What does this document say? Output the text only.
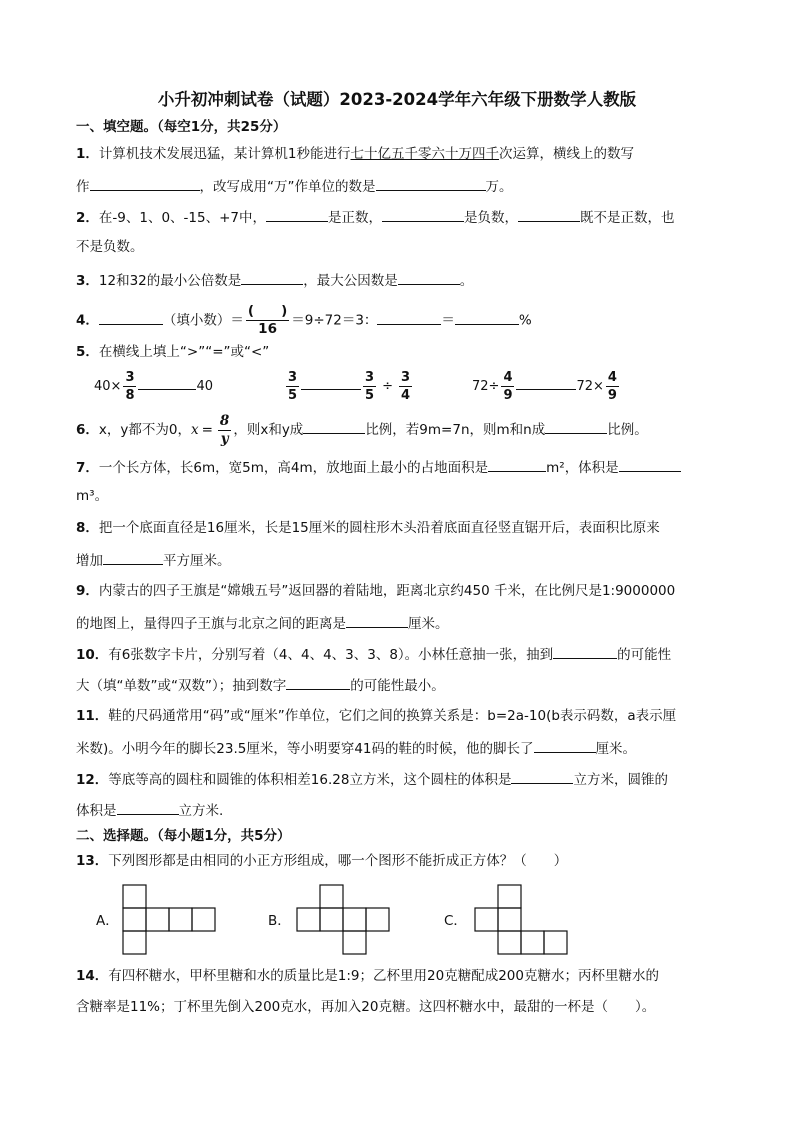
小升初冲刺试卷（试题）2023-2024学年六年级下册数学人教版
一、填空题。（每空1分，共25分）
1．计算机技术发展迅猛，某计算机1秒能进行七十亿五千零六十万四千次运算，横线上的数写
作	，改写成用“万”作单位的数是	万。
2．在-9、1、0、-15、+7中，	是正数，	是负数，	既不是正数，也
不是负数。
3．12和32的最小公倍数是	，最大公因数是	。
4．	（填小数）＝ $\frac{( )}{16} =9\div 72=3$：	＝	%
5．在横线上填上“>”“=”或“<”
$40\times \frac{3}{8}$	40	$\frac{3}{5}$	$\frac{3}{5} \div \frac{3}{4}$	$72\div \frac{4}{9}$	$72\times \frac{4}{9}$
6．x，y都不为0，$x = \frac{8}{y}$ ，则x和y成	比例，若9m=7n，则m和n成	比例。
7．一个长方体，长6m，宽5m，高4m，放地面上最小的占地面积是	m²，体积是
m³。
8．把一个底面直径是16厘米，长是15厘米的圆柱形木头沿着底面直径竖直锯开后，表面积比原来
增加	平方厘米。
9．内蒙古的四子王旗是“嫦娥五号”返回器的着陆地，距离北京约450 千米，在比例尺是1:9000000
的地图上，量得四子王旗与北京之间的距离是	厘米。
10．有6张数字卡片，分别写着（4、4、4、3、3、8）。小林任意抽一张，抽到	的可能性
大（填“单数”或“双数”）；抽到数字	的可能性最小。
11．鞋的尺码通常用“码”或“厘米”作单位，它们之间的换算关系是：b=2a-10(b表示码数，a表示厘
米数)。小明今年的脚长23.5厘米，等小明要穿41码的鞋的时候，他的脚长了	厘米。
12．等底等高的圆柱和圆锥的体积相差16.28立方米，这个圆柱的体积是	立方米，圆锥的
体积是	立方米.
二、选择题。（每小题1分，共5分）
13．下列图形都是由相同的小正方形组成，哪一个图形不能折成正方体？（　　）
A．	B．	C．
14．有四杯糖水，甲杯里糖和水的质量比是1:9；乙杯里用20克糖配成200克糖水；丙杯里糖水的
含糖率是11%；丁杯里先倒入200克水，再加入20克糖。这四杯糖水中，最甜的一杯是（　　）。
